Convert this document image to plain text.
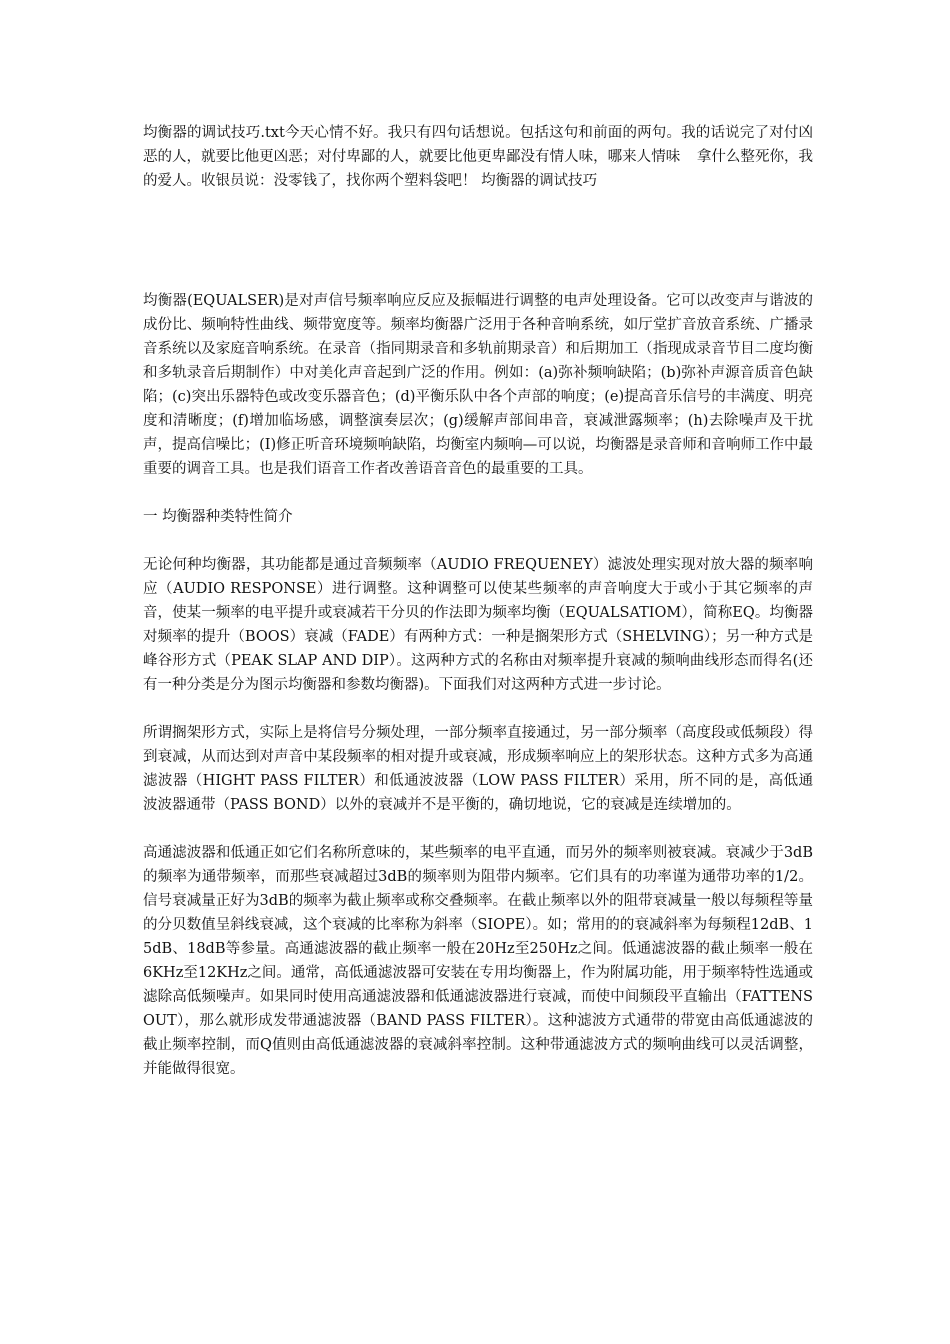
均衡器的调试技巧.txt今天心情不好。我只有四句话想说。包括这句和前面的两句。我的话说完了对付凶恶的人，就要比他更凶恶；对付卑鄙的人，就要比他更卑鄙没有情人味，哪来人情味	拿什么整死你，我的爱人。收银员说：没零钱了，找你两个塑料袋吧！ 均衡器的调试技巧

均衡器(EQUALSER)是对声信号频率响应反应及振幅进行调整的电声处理设备。它可以改变声与谐波的成份比、频响特性曲线、频带宽度等。频率均衡器广泛用于各种音响系统，如厅堂扩音放音系统、广播录音系统以及家庭音响系统。在录音（指同期录音和多轨前期录音）和后期加工（指现成录音节目二度均衡和多轨录音后期制作）中对美化声音起到广泛的作用。例如：(a)弥补频响缺陷；(b)弥补声源音质音色缺陷；(c)突出乐器特色或改变乐器音色；(d)平衡乐队中各个声部的响度；(e)提高音乐信号的丰满度、明亮度和清晰度；(f)增加临场感，调整演奏层次；(g)缓解声部间串音，衰减泄露频率；(h)去除噪声及干扰声，提高信噪比；(I)修正听音环境频响缺陷，均衡室内频响—可以说，均衡器是录音师和音响师工作中最重要的调音工具。也是我们语音工作者改善语音音色的最重要的工具。

一 均衡器种类特性简介

无论何种均衡器，其功能都是通过音频频率（AUDIO FREQUENEY）滤波处理实现对放大器的频率响应（AUDIO RESPONSE）进行调整。这种调整可以使某些频率的声音响度大于或小于其它频率的声音，使某一频率的电平提升或衰减若干分贝的作法即为频率均衡（EQUALSATIOM），简称EQ。均衡器对频率的提升（BOOS）衰减（FADE）有两种方式：一种是搁架形方式（SHELVING）；另一种方式是峰谷形方式（PEAK SLAP AND DIP）。这两种方式的名称由对频率提升衰减的频响曲线形态而得名(还有一种分类是分为图示均衡器和参数均衡器)。下面我们对这两种方式进一步讨论。

所谓搁架形方式，实际上是将信号分频处理，一部分频率直接通过，另一部分频率（高度段或低频段）得到衰减，从而达到对声音中某段频率的相对提升或衰减，形成频率响应上的架形状态。这种方式多为高通滤波器（HIGHT PASS FILTER）和低通波波器（LOW PASS FILTER）采用，所不同的是，高低通波波器通带（PASS BOND）以外的衰减并不是平衡的，确切地说，它的衰减是连续增加的。

高通滤波器和低通正如它们名称所意味的，某些频率的电平直通，而另外的频率则被衰减。衰减少于3dB的频率为通带频率，而那些衰减超过3dB的频率则为阻带内频率。它们具有的功率谨为通带功率的1/2。信号衰减量正好为3dB的频率为截止频率或称交叠频率。在截止频率以外的阻带衰减量一般以每频程等量的分贝数值呈斜线衰减，这个衰减的比率称为斜率（SIOPE）。如；常用的的衰减斜率为每频程12dB、15dB、18dB等参量。高通滤波器的截止频率一般在20Hz至250Hz之间。低通滤波器的截止频率一般在6KHz至12KHz之间。通常，高低通滤波器可安装在专用均衡器上，作为附属功能，用于频率特性选通或滤除高低频噪声。如果同时使用高通滤波器和低通滤波器进行衰减，而使中间频段平直输出（FATTENS OUT），那么就形成发带通滤波器（BAND PASS FILTER）。这种滤波方式通带的带宽由高低通滤波的截止频率控制，而Q值则由高低通滤波器的衰减斜率控制。这种带通滤波方式的频响曲线可以灵活调整，并能做得很宽。
